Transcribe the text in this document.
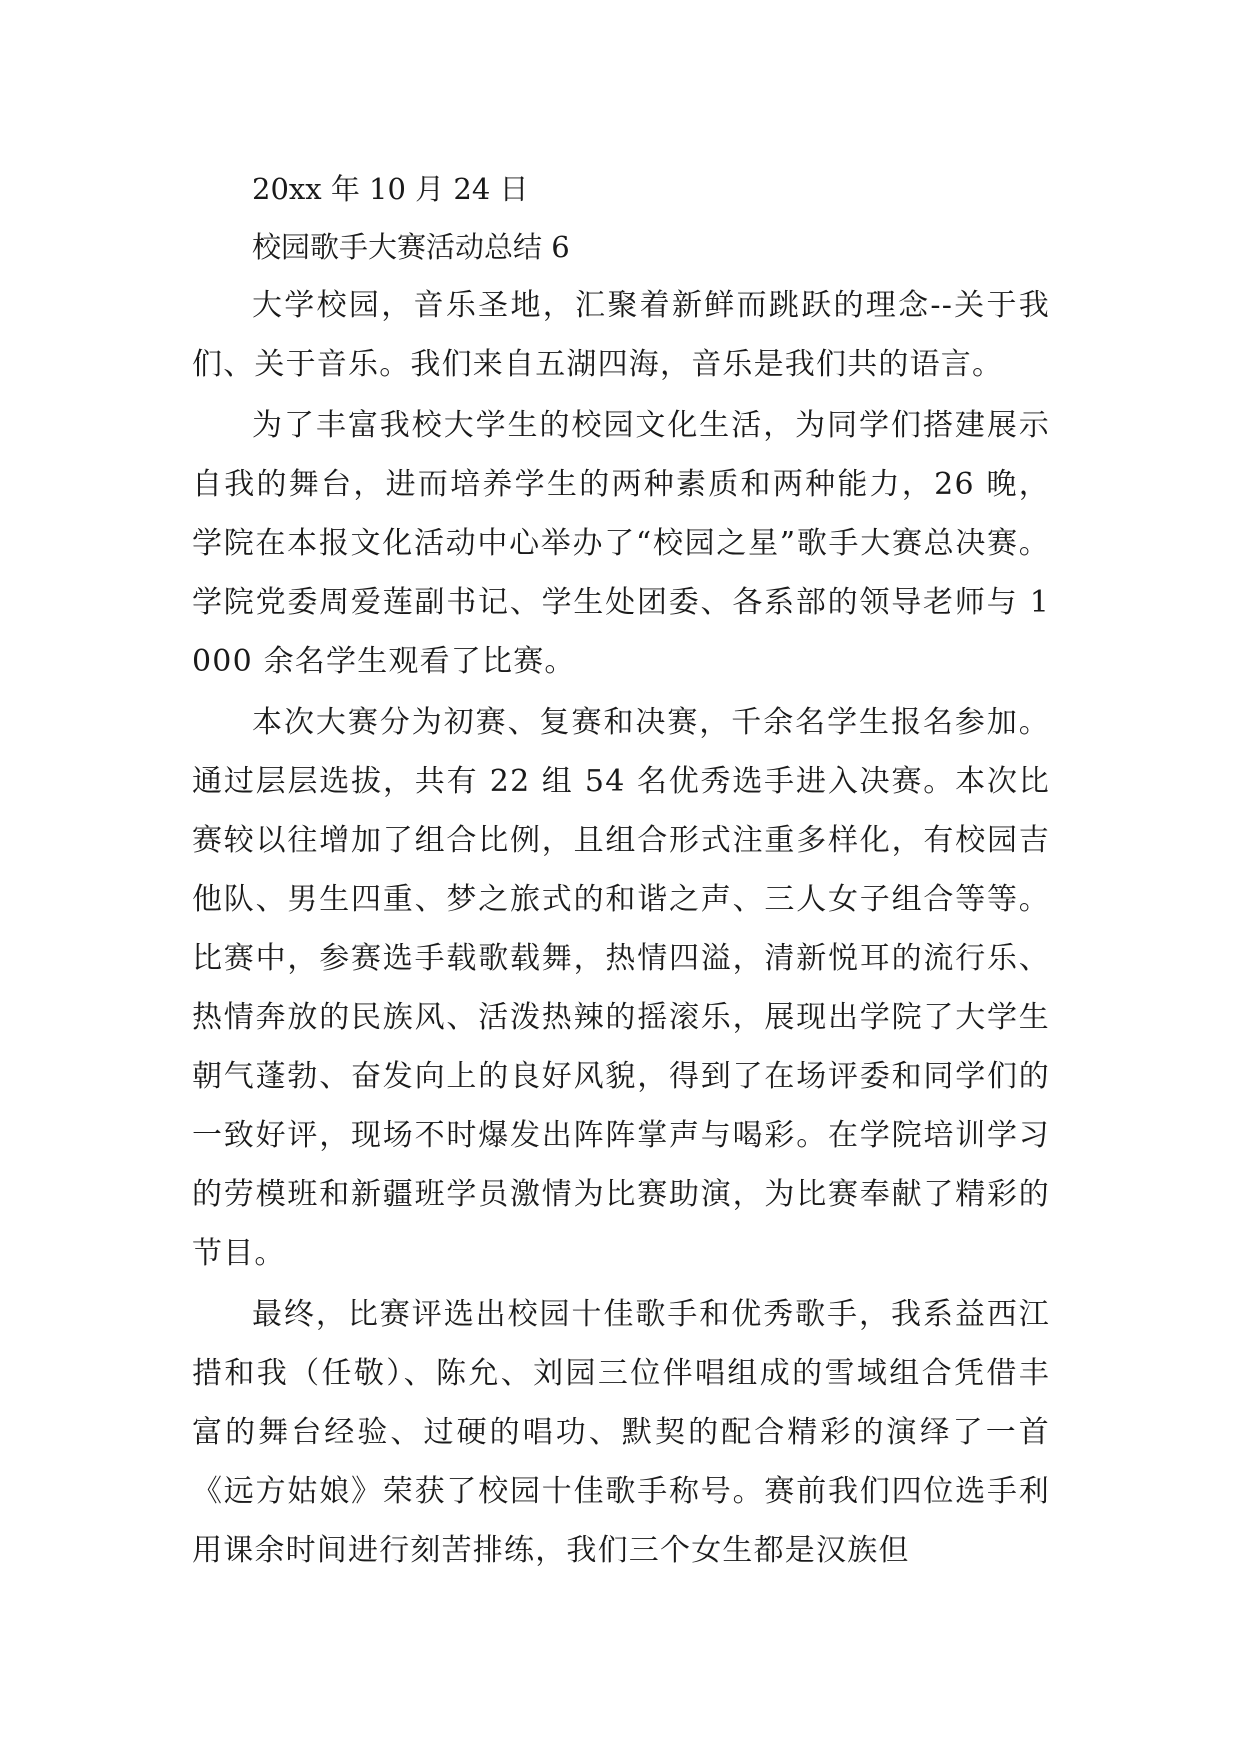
20xx 年 10 月 24 日
校园歌手大赛活动总结 6

大学校园，音乐圣地，汇聚着新鲜而跳跃的理念--关于我们、关于音乐。我们来自五湖四海，音乐是我们共的语言。

为了丰富我校大学生的校园文化生活，为同学们搭建展示自我的舞台，进而培养学生的两种素质和两种能力，26 晚，学院在本报文化活动中心举办了“校园之星”歌手大赛总决赛。学院党委周爱莲副书记、学生处团委、各系部的领导老师与 1000 余名学生观看了比赛。

本次大赛分为初赛、复赛和决赛，千余名学生报名参加。通过层层选拔，共有 22 组 54 名优秀选手进入决赛。本次比赛较以往增加了组合比例，且组合形式注重多样化，有校园吉他队、男生四重、梦之旅式的和谐之声、三人女子组合等等。比赛中，参赛选手载歌载舞，热情四溢，清新悦耳的流行乐、热情奔放的民族风、活泼热辣的摇滚乐，展现出学院了大学生朝气蓬勃、奋发向上的良好风貌，得到了在场评委和同学们的一致好评，现场不时爆发出阵阵掌声与喝彩。在学院培训学习的劳模班和新疆班学员激情为比赛助演，为比赛奉献了精彩的节目。

最终，比赛评选出校园十佳歌手和优秀歌手，我系益西江措和我（任敬）、陈允、刘园三位伴唱组成的雪域组合凭借丰富的舞台经验、过硬的唱功、默契的配合精彩的演绎了一首《远方姑娘》荣获了校园十佳歌手称号。赛前我们四位选手利用课余时间进行刻苦排练，我们三个女生都是汉族但
